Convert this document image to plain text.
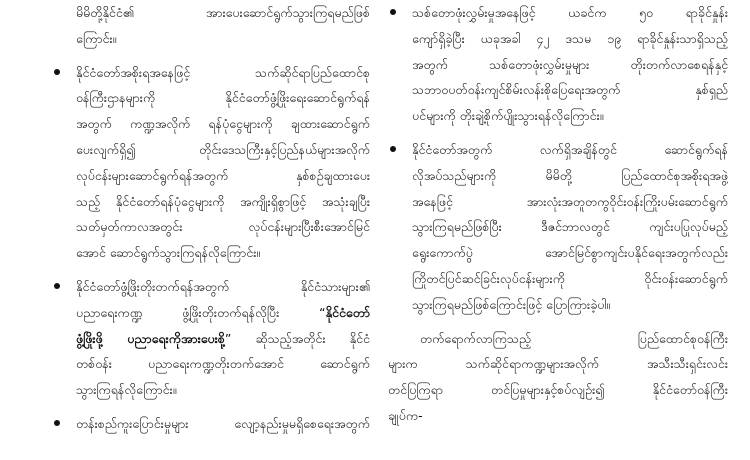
မိမိတို့နိုင်ငံ၏ အားပေးဆောင်ရွက်သွားကြရမည်ဖြစ်
ကြောင်း။
နိုင်ငံတော်အစိုးရအနေဖြင့် သက်ဆိုင်ရာပြည်ထောင်စု
ဝန်ကြီးဌာနများကို နိုင်ငံတော်ဖွံ့ဖြိုးရေးဆောင်ရွက်ရန်
အတွက် ကဏ္ဍအလိုက် ရန်ပုံငွေများကို ချထားဆောင်ရွက်
ပေးလျက်ရှိ၍ တိုင်းဒေသကြီးနှင့်ပြည်နယ်များအလိုက်
လုပ်ငန်းများဆောင်ရွက်ရန်အတွက် နှစ်စဉ်ချထားပေး
သည့် နိုင်ငံတော်ရန်ပုံငွေများကို အကျိုးရှိစွာဖြင့် အသုံးချပြီး
သတ်မှတ်ကာလအတွင်း လုပ်ငန်းများပြီးစီးအောင်မြင်
အောင် ဆောင်ရွက်သွားကြရန်လိုကြောင်း။
နိုင်ငံတော်ဖွံ့ဖြိုးတိုးတက်ရန်အတွက် နိုင်ငံသားများ၏
ပညာရေးကဏ္ဍ ဖွံ့ဖြိုးတိုးတက်ရန်လိုပြီး “နိုင်ငံတော်
ဖွံ့ဖြိုးဖို့ ပညာရေးကိုအားပေးစို့” ဆိုသည့်အတိုင်း နိုင်ငံ
တစ်ဝန်း ပညာရေးကဏ္ဍတိုးတက်အောင် ဆောင်ရွက်
သွားကြရန်လိုကြောင်း။
တန်းစည်ကူးပြောင်းမှုများ လျော့နည်းမှုမရှိစေရေးအတွက်
သစ်တောဖုံးလွှမ်းမှုအနေဖြင့် ယခင်က ၅၀ ရာခိုင်နှုန်း
ကျော်ရှိခဲ့ပြီး ယခုအခါ ၄၂ ဒသမ ၁၉ ရာခိုင်နှုန်းသာရှိသည့်
အတွက် သစ်တောဖုံးလွှမ်းမှုများ တိုးတက်လာစေရန်နှင့်
သဘာဝပတ်ဝန်းကျင်စိမ်းလန်းစိုပြေရေးအတွက် နှစ်ရှည်
ပင်များကို တိုးချဲ့စိုက်ပျိုးသွားရန်လိုကြောင်း။
နိုင်ငံတော်အတွက် လက်ရှိအချိန်တွင် ဆောင်ရွက်ရန်
လိုအပ်သည်များကို မိမိတို့ ပြည်ထောင်စုအစိုးရအဖွဲ့
အနေဖြင့် အားလုံးအတူတကွဝိုင်းဝန်းကြိုးပမ်းဆောင်ရွက်
သွားကြရမည်ဖြစ်ပြီး ဒီဇင်ဘာလတွင် ကျင်းပပြုလုပ်မည့်
ရွေးကောက်ပွဲ အောင်မြင်စွာကျင်းပနိုင်ရေးအတွက်လည်း
ကြိုတင်ပြင်ဆင်ခြင်းလုပ်ငန်းများကို ဝိုင်းဝန်းဆောင်ရွက်
သွားကြရမည်ဖြစ်ကြောင်းဖြင့် ပြောကြားခဲ့ပါ။
တက်ရောက်လာကြသည့် ပြည်ထောင်စုဝန်ကြီး
များက သက်ဆိုင်ရာကဏ္ဍများအလိုက် အသီးသီးရှင်းလင်း
တင်ပြကြရာ တင်ပြမှုများနှင့်စပ်လျဉ်း၍ နိုင်ငံတော်ဝန်ကြီး
ချုပ်က-
